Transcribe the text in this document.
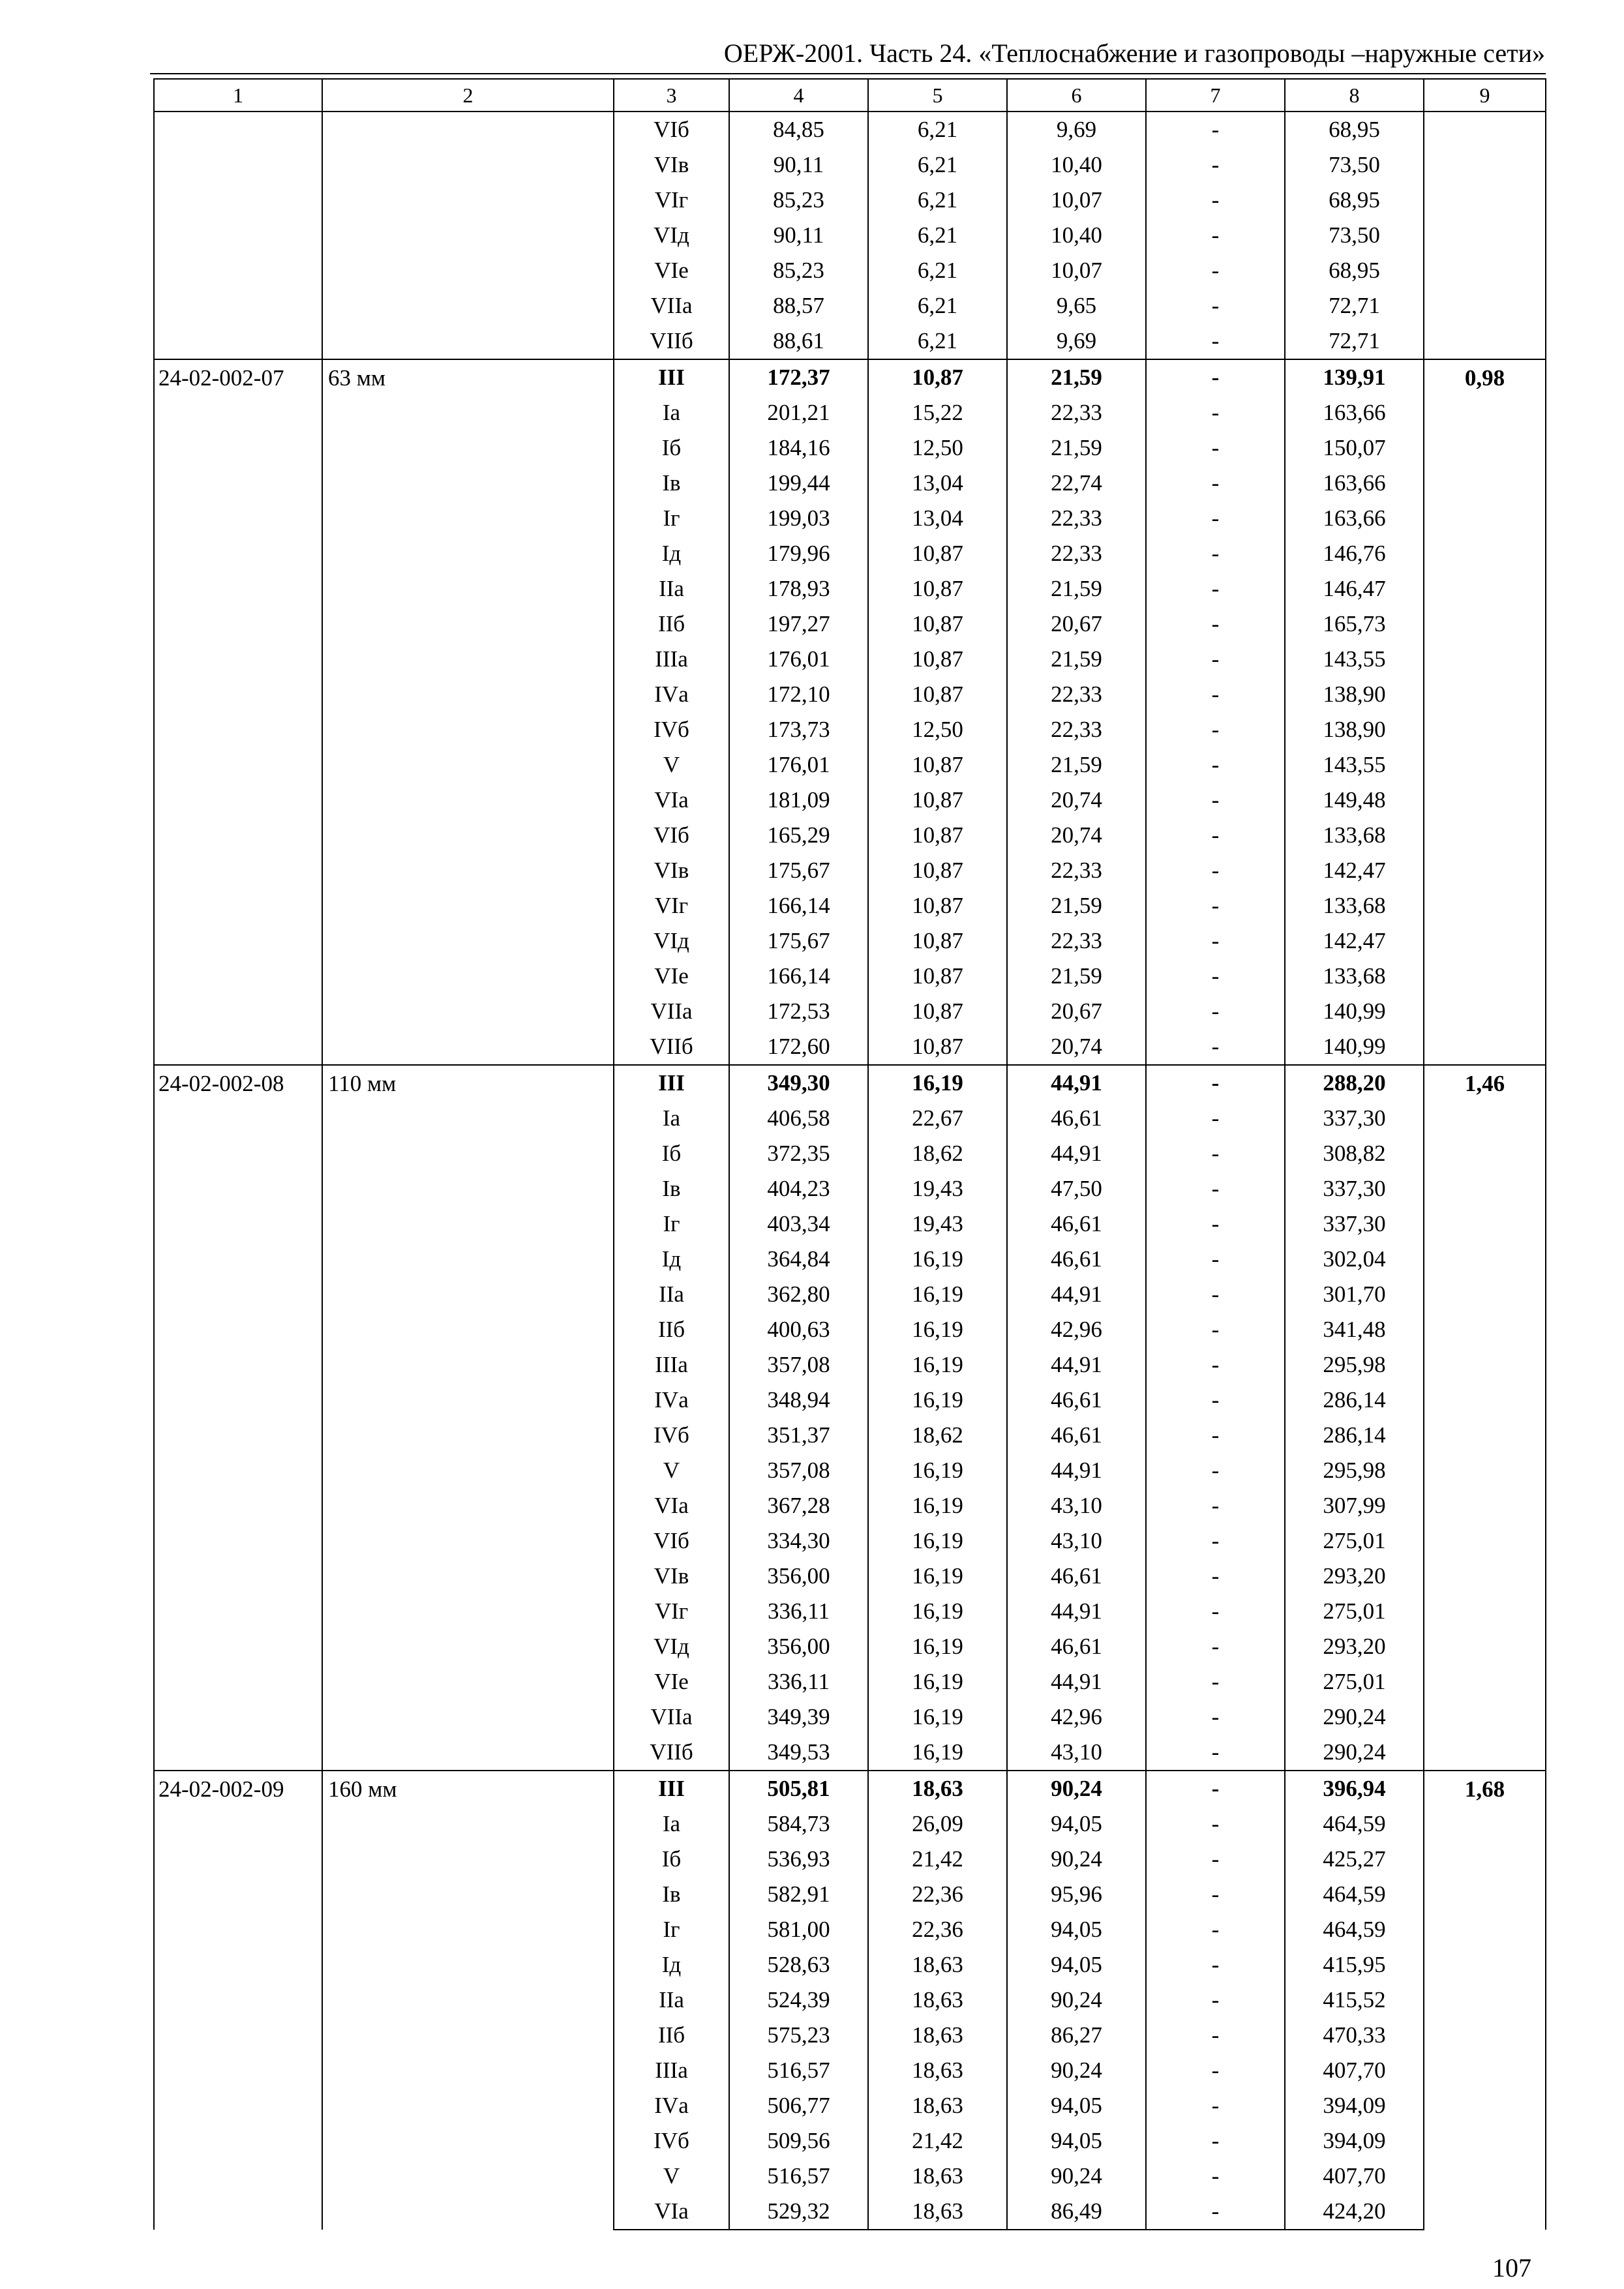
ОЕРЖ-2001. Часть 24. «Теплоснабжение и газопроводы –наружные сети»
1	2	3	4	5	6	7	8	9
		VIб	84,85	6,21	9,69	-	68,95	
		VIв	90,11	6,21	10,40	-	73,50	
		VIг	85,23	6,21	10,07	-	68,95	
		VIд	90,11	6,21	10,40	-	73,50	
		VIе	85,23	6,21	10,07	-	68,95	
		VIIа	88,57	6,21	9,65	-	72,71	
		VIIб	88,61	6,21	9,69	-	72,71	
24-02-002-07	63 мм	III	172,37	10,87	21,59	-	139,91	0,98
		Iа	201,21	15,22	22,33	-	163,66	
		Iб	184,16	12,50	21,59	-	150,07	
		Iв	199,44	13,04	22,74	-	163,66	
		Iг	199,03	13,04	22,33	-	163,66	
		Iд	179,96	10,87	22,33	-	146,76	
		IIа	178,93	10,87	21,59	-	146,47	
		IIб	197,27	10,87	20,67	-	165,73	
		IIIа	176,01	10,87	21,59	-	143,55	
		IVа	172,10	10,87	22,33	-	138,90	
		IVб	173,73	12,50	22,33	-	138,90	
		V	176,01	10,87	21,59	-	143,55	
		VIа	181,09	10,87	20,74	-	149,48	
		VIб	165,29	10,87	20,74	-	133,68	
		VIв	175,67	10,87	22,33	-	142,47	
		VIг	166,14	10,87	21,59	-	133,68	
		VIд	175,67	10,87	22,33	-	142,47	
		VIе	166,14	10,87	21,59	-	133,68	
		VIIа	172,53	10,87	20,67	-	140,99	
		VIIб	172,60	10,87	20,74	-	140,99	
24-02-002-08	110 мм	III	349,30	16,19	44,91	-	288,20	1,46
		Iа	406,58	22,67	46,61	-	337,30	
		Iб	372,35	18,62	44,91	-	308,82	
		Iв	404,23	19,43	47,50	-	337,30	
		Iг	403,34	19,43	46,61	-	337,30	
		Iд	364,84	16,19	46,61	-	302,04	
		IIа	362,80	16,19	44,91	-	301,70	
		IIб	400,63	16,19	42,96	-	341,48	
		IIIа	357,08	16,19	44,91	-	295,98	
		IVа	348,94	16,19	46,61	-	286,14	
		IVб	351,37	18,62	46,61	-	286,14	
		V	357,08	16,19	44,91	-	295,98	
		VIа	367,28	16,19	43,10	-	307,99	
		VIб	334,30	16,19	43,10	-	275,01	
		VIв	356,00	16,19	46,61	-	293,20	
		VIг	336,11	16,19	44,91	-	275,01	
		VIд	356,00	16,19	46,61	-	293,20	
		VIе	336,11	16,19	44,91	-	275,01	
		VIIа	349,39	16,19	42,96	-	290,24	
		VIIб	349,53	16,19	43,10	-	290,24	
24-02-002-09	160 мм	III	505,81	18,63	90,24	-	396,94	1,68
		Iа	584,73	26,09	94,05	-	464,59	
		Iб	536,93	21,42	90,24	-	425,27	
		Iв	582,91	22,36	95,96	-	464,59	
		Iг	581,00	22,36	94,05	-	464,59	
		Iд	528,63	18,63	94,05	-	415,95	
		IIа	524,39	18,63	90,24	-	415,52	
		IIб	575,23	18,63	86,27	-	470,33	
		IIIа	516,57	18,63	90,24	-	407,70	
		IVа	506,77	18,63	94,05	-	394,09	
		IVб	509,56	21,42	94,05	-	394,09	
		V	516,57	18,63	90,24	-	407,70	
		VIа	529,32	18,63	86,49	-	424,20	
107
